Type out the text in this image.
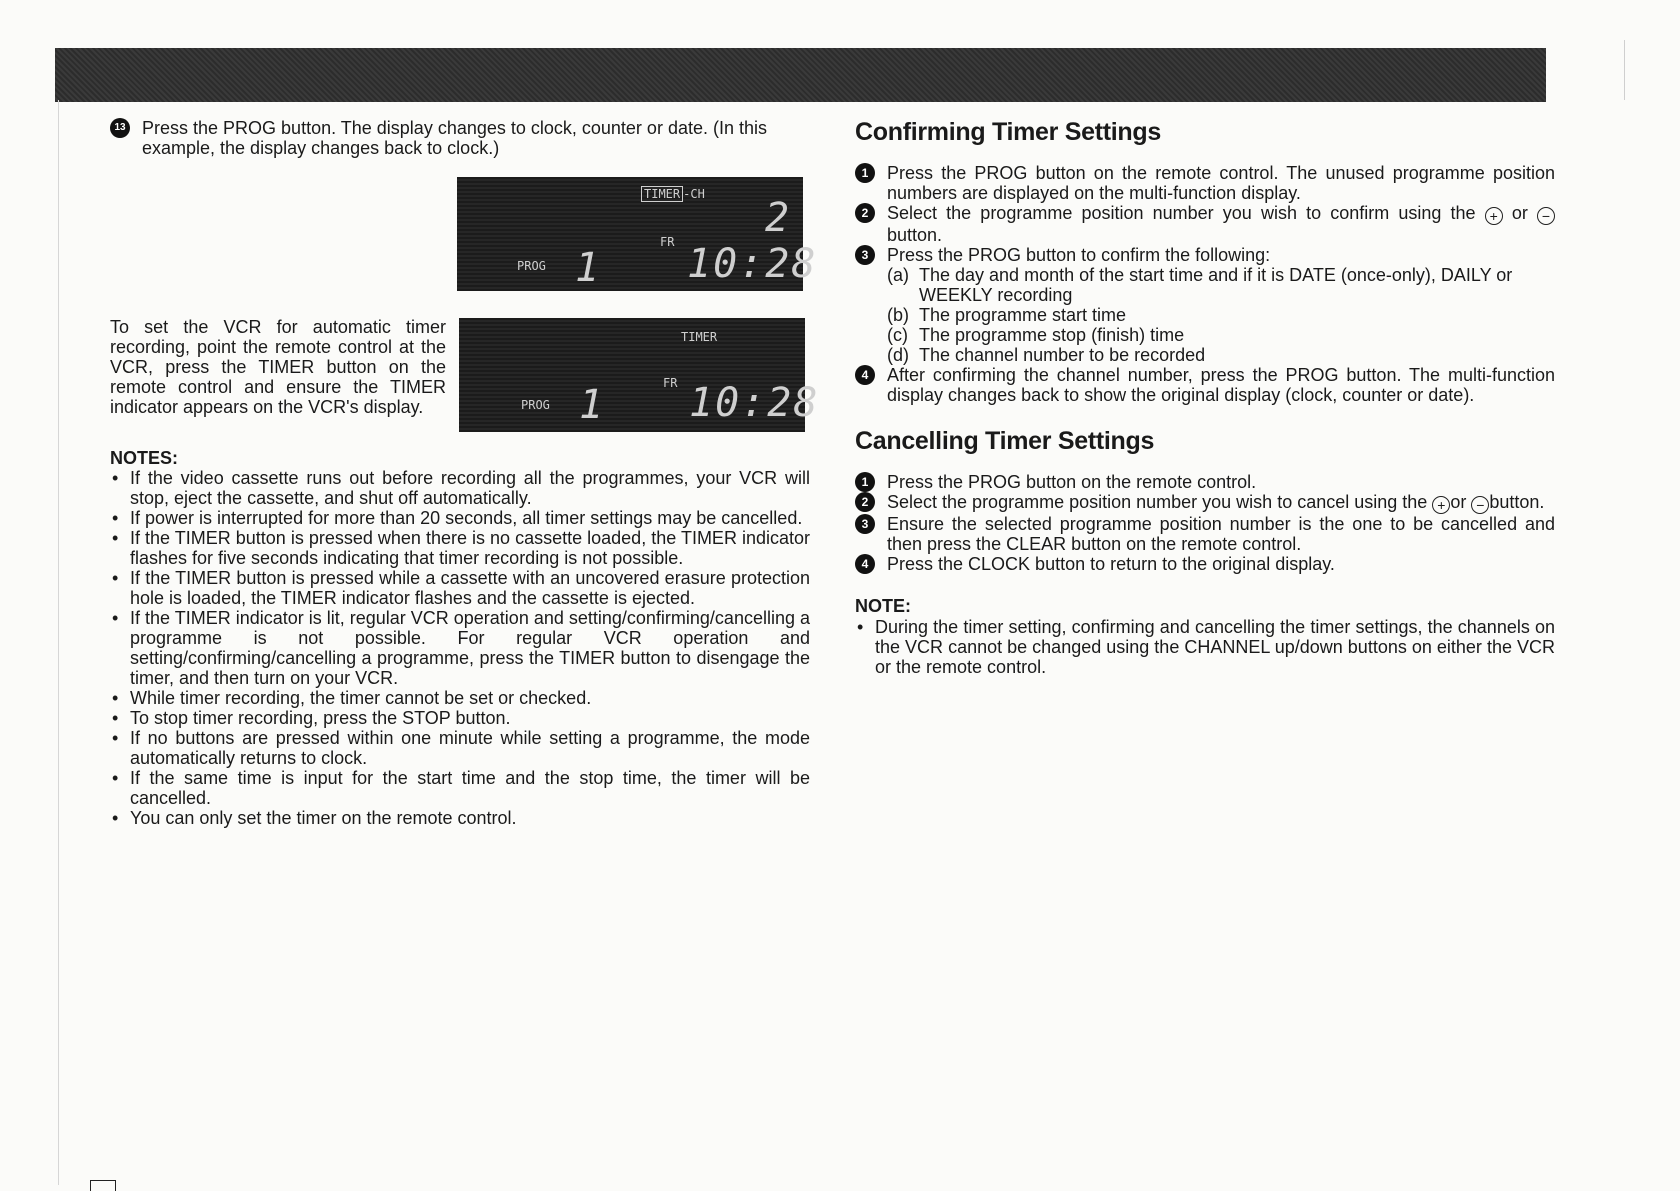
13 Press the PROG button. The display changes to clock, counter or date. (In this example, the display changes back to clock.)
TIMER -CH
FR
PROG 1
2
10:28
TIMER
FR
PROG 1 10:28
To set the VCR for automatic timer recording, point the remote control at the VCR, press the TIMER button on the remote control and ensure the TIMER indicator appears on the VCR's display.
NOTES:
• If the video cassette runs out before recording all the programmes, your VCR will stop, eject the cassette, and shut off automatically.
• If power is interrupted for more than 20 seconds, all timer settings may be cancelled.
• If the TIMER button is pressed when there is no cassette loaded, the TIMER indicator flashes for five seconds indicating that timer recording is not possible.
• If the TIMER button is pressed while a cassette with an uncovered erasure protection hole is loaded, the TIMER indicator flashes and the cassette is ejected.
• If the TIMER indicator is lit, regular VCR operation and setting/confirming/cancelling a programme is not possible. For regular VCR operation and setting/confirming/cancelling a programme, press the TIMER button to disengage the timer, and then turn on your VCR.
• While timer recording, the timer cannot be set or checked.
• To stop timer recording, press the STOP button.
• If no buttons are pressed within one minute while setting a programme, the mode automatically returns to clock.
• If the same time is input for the start time and the stop time, the timer will be cancelled.
• You can only set the timer on the remote control.
Confirming Timer Settings
1	Press the PROG button on the remote control. The unused programme position numbers are displayed on the multi-function display.
2	Select the programme position number you wish to confirm using the + or −button.
3	Press the PROG button to confirm the following:
(a) The day and month of the start time and if it is DATE (once-only), DAILY or WEEKLY recording
(b) The programme start time
(c) The programme stop (finish) time
(d) The channel number to be recorded
4	After confirming the channel number, press the PROG button. The multi-function display changes back to show the original display (clock, counter or date).
Cancelling Timer Settings
1	Press the PROG button on the remote control.
2	Select the programme position number you wish to cancel using the + or − button.
3	Ensure the selected programme position number is the one to be cancelled and then press the CLEAR button on the remote control.
4	Press the CLOCK button to return to the original display.
NOTE:
• During the timer setting, confirming and cancelling the timer settings, the channels on the VCR cannot be changed using the CHANNEL up/down buttons on either the VCR or the remote control.
